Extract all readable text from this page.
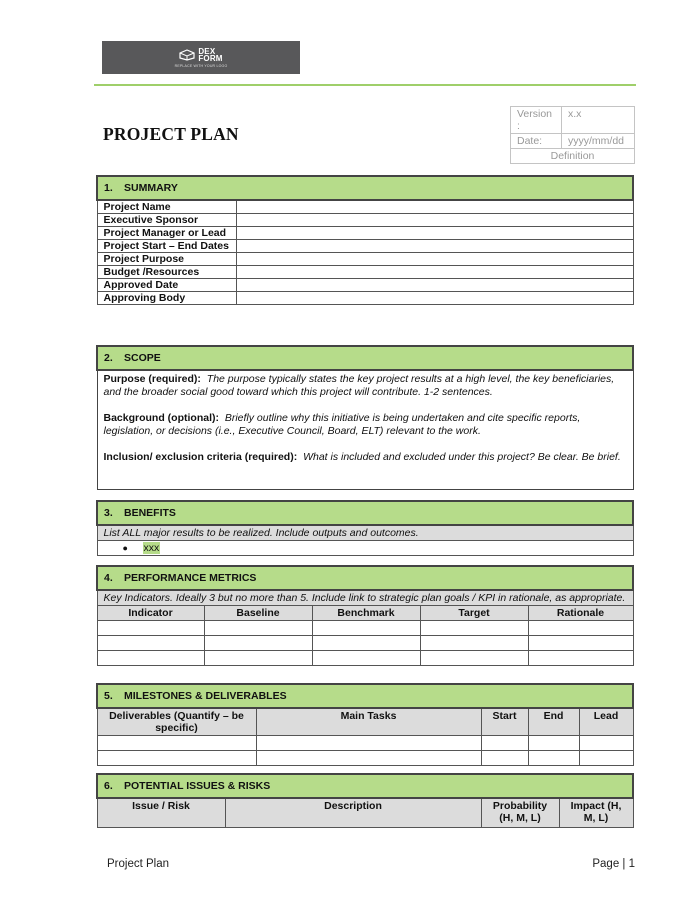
DEX
FORM
REPLACE WITH YOUR LOGO
PROJECT PLAN
Version :	x.x
Date:	yyyy/mm/dd
Definition	
1. SUMMARY	
Project Name	
Executive Sponsor	
Project Manager or Lead	
Project Start – End Dates	
Project Purpose	
Budget /Resources	
Approved Date	
Approving Body	
2. SCOPE

Purpose (required): The purpose typically states the key project results at a high level, the key beneficiaries, and the broader social good toward which this project will contribute. 1-2 sentences.

Background (optional): Briefly outline why this initiative is being undertaken and cite specific reports, legislation, or decisions (i.e., Executive Council, Board, ELT) relevant to the work.

Inclusion/ exclusion criteria (required): What is included and excluded under this project? Be clear. Be brief.

3. BENEFITS
List ALL major results to be realized. Include outputs and outcomes.
● xxx
4. PERFORMANCE METRICS				
Key Indicators. Ideally 3 but no more than 5. Include link to strategic plan goals / KPI in rationale, as appropriate.				
Indicator	Baseline	Benchmark	Target	Rationale

5. MILESTONES & DELIVERABLES				
Deliverables (Quantify – be specific)	Main Tasks	Start	End	Lead

6. POTENTIAL ISSUES & RISKS
Issue / Risk	Description	Probability (H, M, L)	Impact (H, M, L)
Project Plan	Page | 1
